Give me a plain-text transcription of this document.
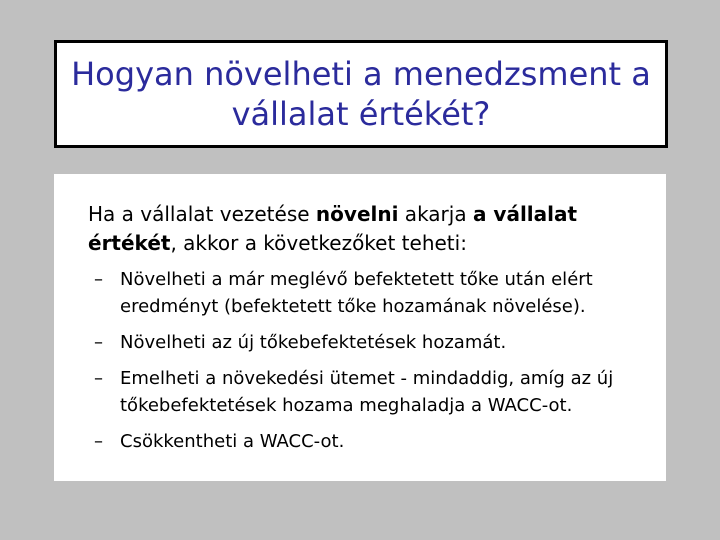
Hogyan növelheti a menedzsment a
vállalat értékét?

Ha a vállalat vezetése növelni akarja a vállalat értékét, akkor a következőket teheti:

– Növelheti a már meglévő befektetett tőke után elért eredményt (befektetett tőke hozamának növelése).
– Növelheti az új tőkebefektetések hozamát.
– Emelheti a növekedési ütemet - mindaddig, amíg az új tőkebefektetések hozama meghaladja a WACC-ot.
– Csökkentheti a WACC-ot.
